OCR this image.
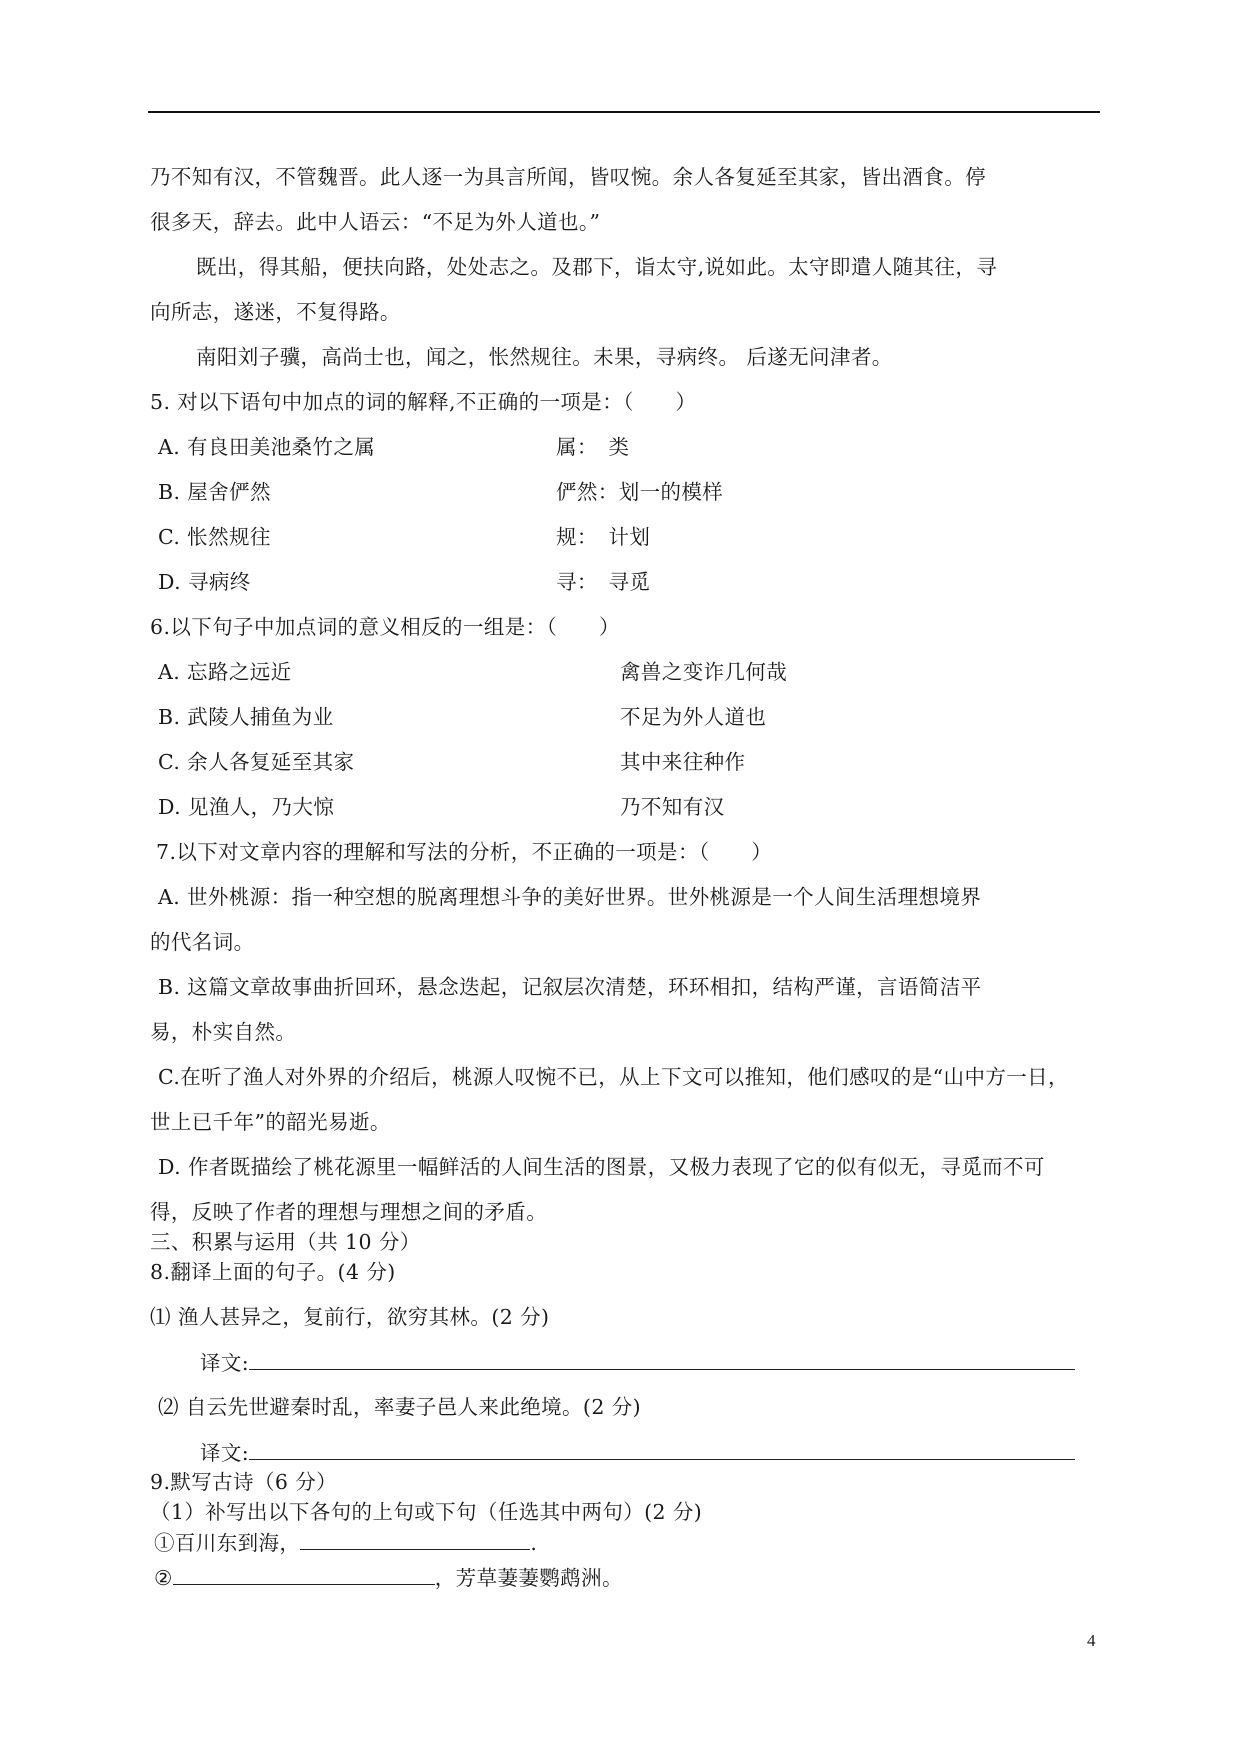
乃不知有汉，不管魏晋。此人逐一为具言所闻，皆叹惋。余人各复延至其家，皆出酒食。停
很多天，辞去。此中人语云：“不足为外人道也。”
既出，得其船，便扶向路，处处志之。及郡下，诣太守,说如此。太守即遣人随其往，寻
向所志，遂迷，不复得路。
南阳刘子骥，高尚士也，闻之，怅然规往。未果，寻病终。 后遂无问津者。
5. 对以下语句中加点的词的解释,不正确的一项是：（　　）
A. 有良田美池桑竹之属	属：　类
B. 屋舍俨然	俨然：划一的模样
C. 怅然规往	规：　计划
D. 寻病终	寻：　寻觅
6.以下句子中加点词的意义相反的一组是：（　　）
A. 忘路之远近	禽兽之变诈几何哉
B. 武陵人捕鱼为业	不足为外人道也
C. 余人各复延至其家	其中来往种作
D. 见渔人，乃大惊	乃不知有汉
7.以下对文章内容的理解和写法的分析，不正确的一项是：（　　）
A. 世外桃源：指一种空想的脱离理想斗争的美好世界。世外桃源是一个人间生活理想境界
的代名词。
B. 这篇文章故事曲折回环，悬念迭起，记叙层次清楚，环环相扣，结构严谨，言语简洁平
易，朴实自然。
C.在听了渔人对外界的介绍后，桃源人叹惋不已，从上下文可以推知，他们感叹的是“山中方一日，
世上已千年”的韶光易逝。
D. 作者既描绘了桃花源里一幅鲜活的人间生活的图景，又极力表现了它的似有似无，寻觅而不可
得，反映了作者的理想与理想之间的矛盾。
三、积累与运用（共 10 分）
8.翻译上面的句子。(4 分)
⑴ 渔人甚异之，复前行，欲穷其林。(2 分)
译文:
⑵ 自云先世避秦时乱，率妻子邑人来此绝境。(2 分)
译文:
9.默写古诗（6 分）
（1）补写出以下各句的上句或下句（任选其中两句）(2 分)
①百川东到海，	.
②	，芳草萋萋鹦鹉洲。
4
